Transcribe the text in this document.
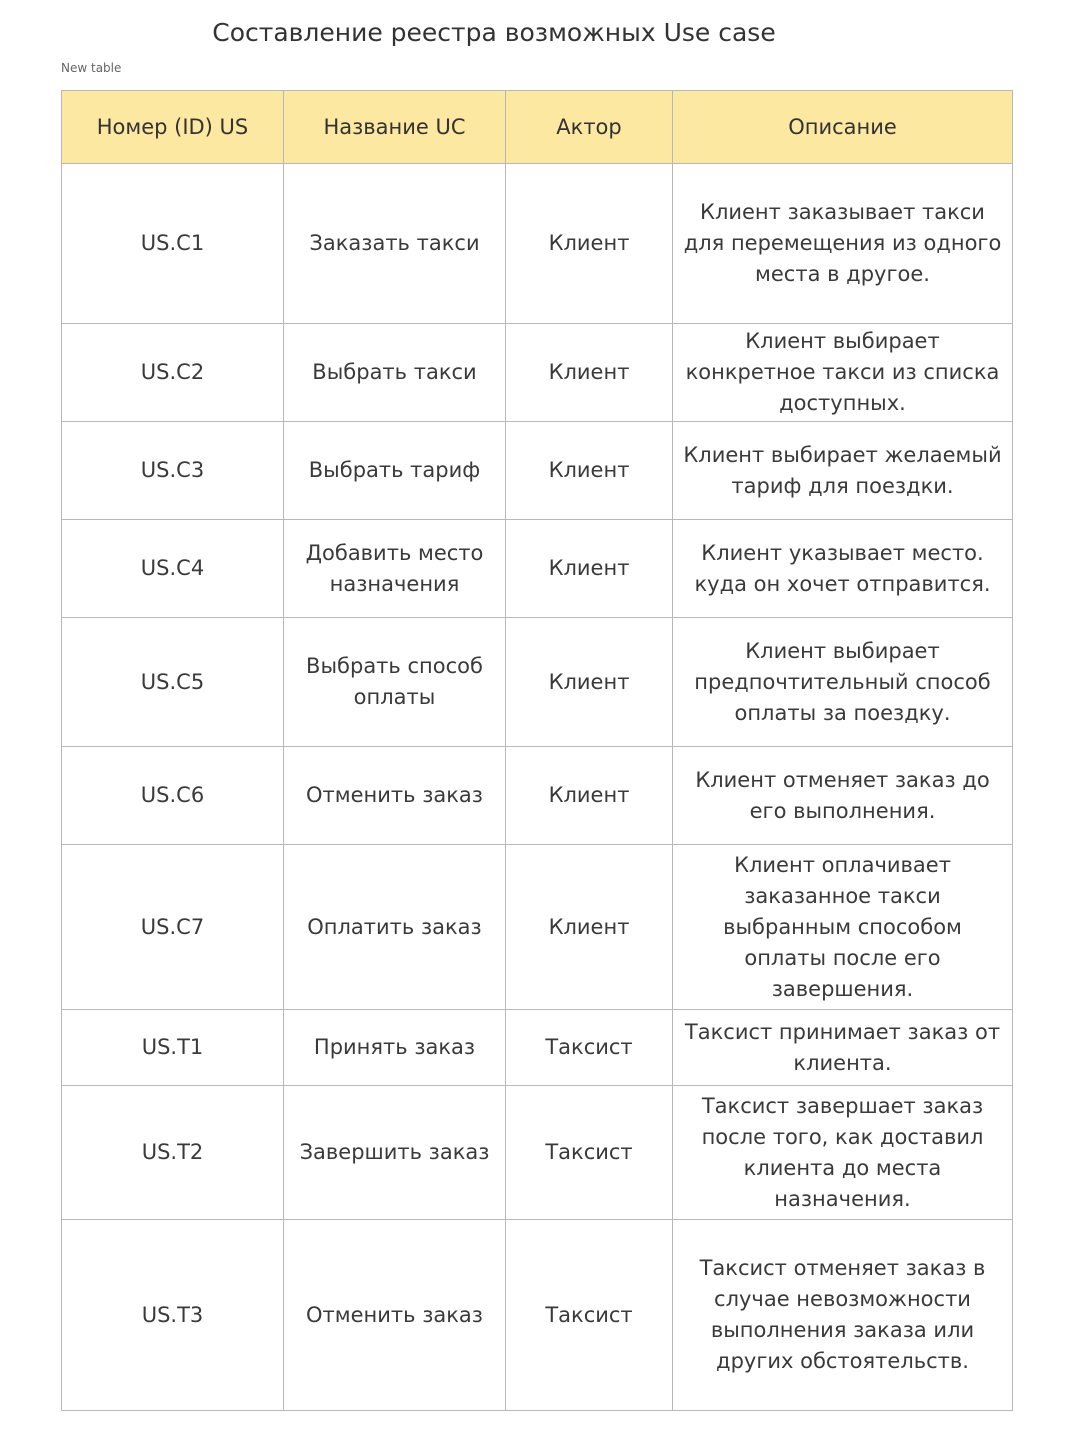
Составление реестра возможных Use case
New table
Номер (ID) US	Название UC	Актор	Описание
US.C1	Заказать такси	Клиент	Клиент заказывает такси для перемещения из одного места в другое.
US.C2	Выбрать такси	Клиент	Клиент выбирает конкретное такси из списка доступных.
US.C3	Выбрать тариф	Клиент	Клиент выбирает желаемый тариф для поездки.
US.C4	Добавить место назначения	Клиент	Клиент указывает место. куда он хочет отправится.
US.C5	Выбрать способ оплаты	Клиент	Клиент выбирает предпочтительный способ оплаты за поездку.
US.C6	Отменить заказ	Клиент	Клиент отменяет заказ до его выполнения.
US.C7	Оплатить заказ	Клиент	Клиент оплачивает заказанное такси выбранным способом оплаты после его завершения.
US.T1	Принять заказ	Таксист	Таксист принимает заказ от клиента.
US.T2	Завершить заказ	Таксист	Таксист завершает заказ после того, как доставил клиента до места назначения.
US.T3	Отменить заказ	Таксист	Таксист отменяет заказ в случае невозможности выполнения заказа или других обстоятельств.
